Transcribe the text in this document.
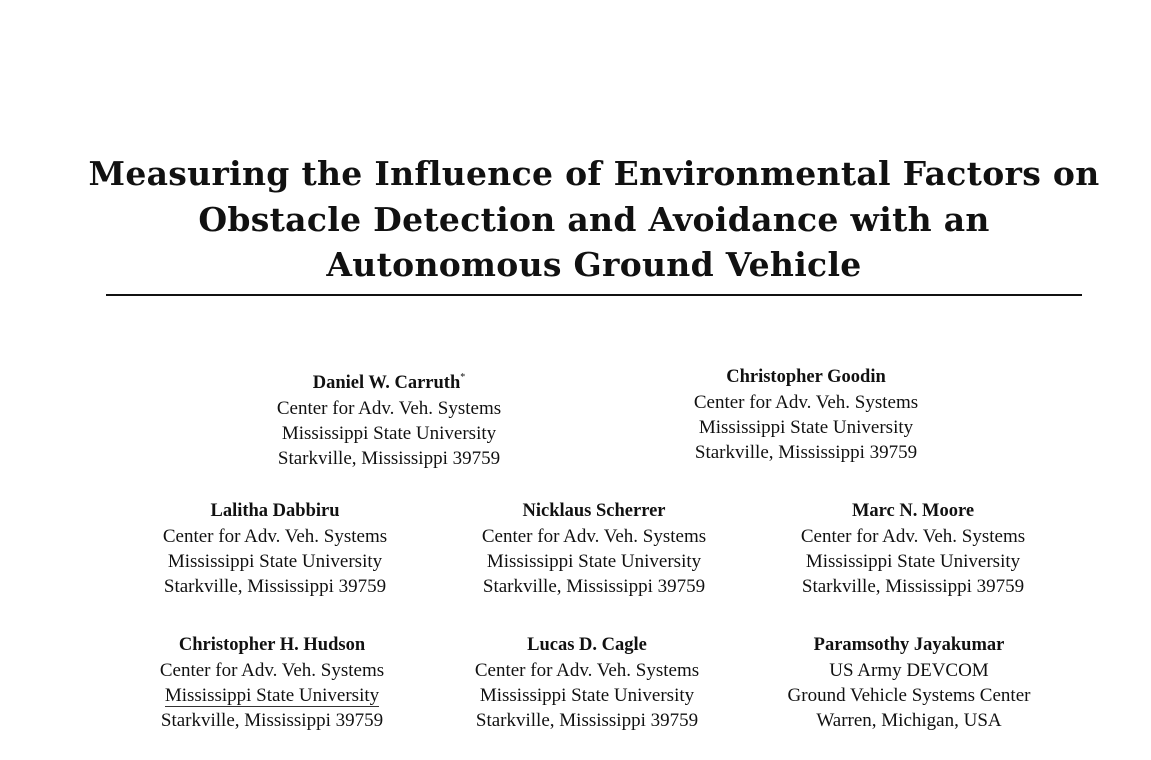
Measuring the Influence of Environmental Factors on
Obstacle Detection and Avoidance with an
Autonomous Ground Vehicle
Daniel W. Carruth*
Center for Adv. Veh. Systems
Mississippi State University
Starkville, Mississippi 39759
Christopher Goodin
Center for Adv. Veh. Systems
Mississippi State University
Starkville, Mississippi 39759
Lalitha Dabbiru
Center for Adv. Veh. Systems
Mississippi State University
Starkville, Mississippi 39759
Nicklaus Scherrer
Center for Adv. Veh. Systems
Mississippi State University
Starkville, Mississippi 39759
Marc N. Moore
Center for Adv. Veh. Systems
Mississippi State University
Starkville, Mississippi 39759
Christopher H. Hudson
Center for Adv. Veh. Systems
Mississippi State University
Starkville, Mississippi 39759
Lucas D. Cagle
Center for Adv. Veh. Systems
Mississippi State University
Starkville, Mississippi 39759
Paramsothy Jayakumar
US Army DEVCOM
Ground Vehicle Systems Center
Warren, Michigan, USA
